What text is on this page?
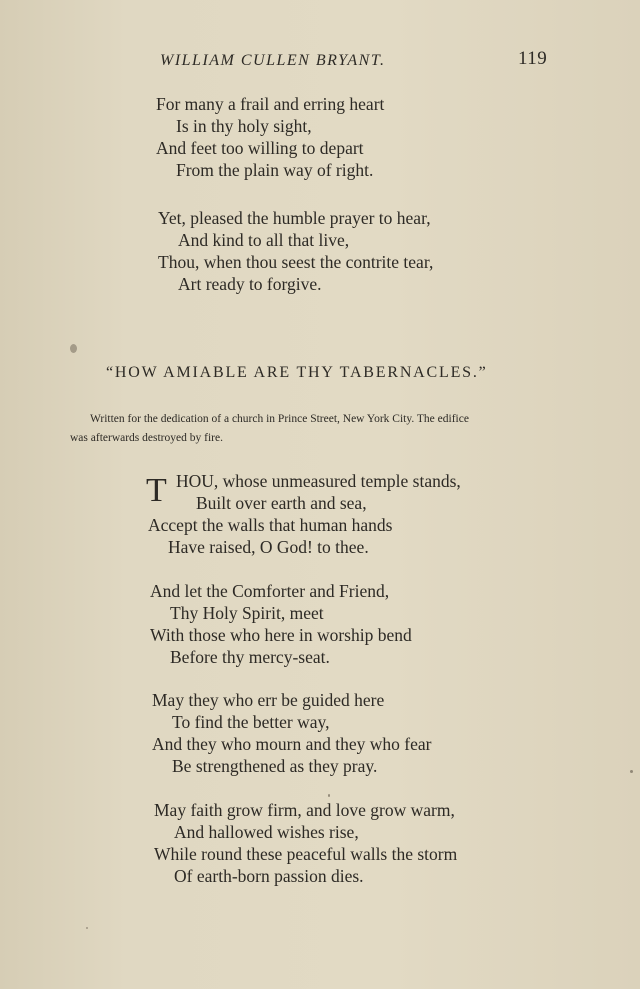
WILLIAM CULLEN BRYANT.	119
For many a frail and erring heart
Is in thy holy sight,
And feet too willing to depart
From the plain way of right.
Yet, pleased the humble prayer to hear,
And kind to all that live,
Thou, when thou seest the contrite tear,
Art ready to forgive.
“HOW AMIABLE ARE THY TABERNACLES.”
Written for the dedication of a church in Prince Street, New York City. The edifice
was afterwards destroyed by fire.
T HOU, whose unmeasured temple stands,
Built over earth and sea,
Accept the walls that human hands
Have raised, O God! to thee.
And let the Comforter and Friend,
Thy Holy Spirit, meet
With those who here in worship bend
Before thy mercy-seat.
May they who err be guided here
To find the better way,
And they who mourn and they who fear
Be strengthened as they pray.
May faith grow firm, and love grow warm,
And hallowed wishes rise,
While round these peaceful walls the storm
Of earth-born passion dies.
